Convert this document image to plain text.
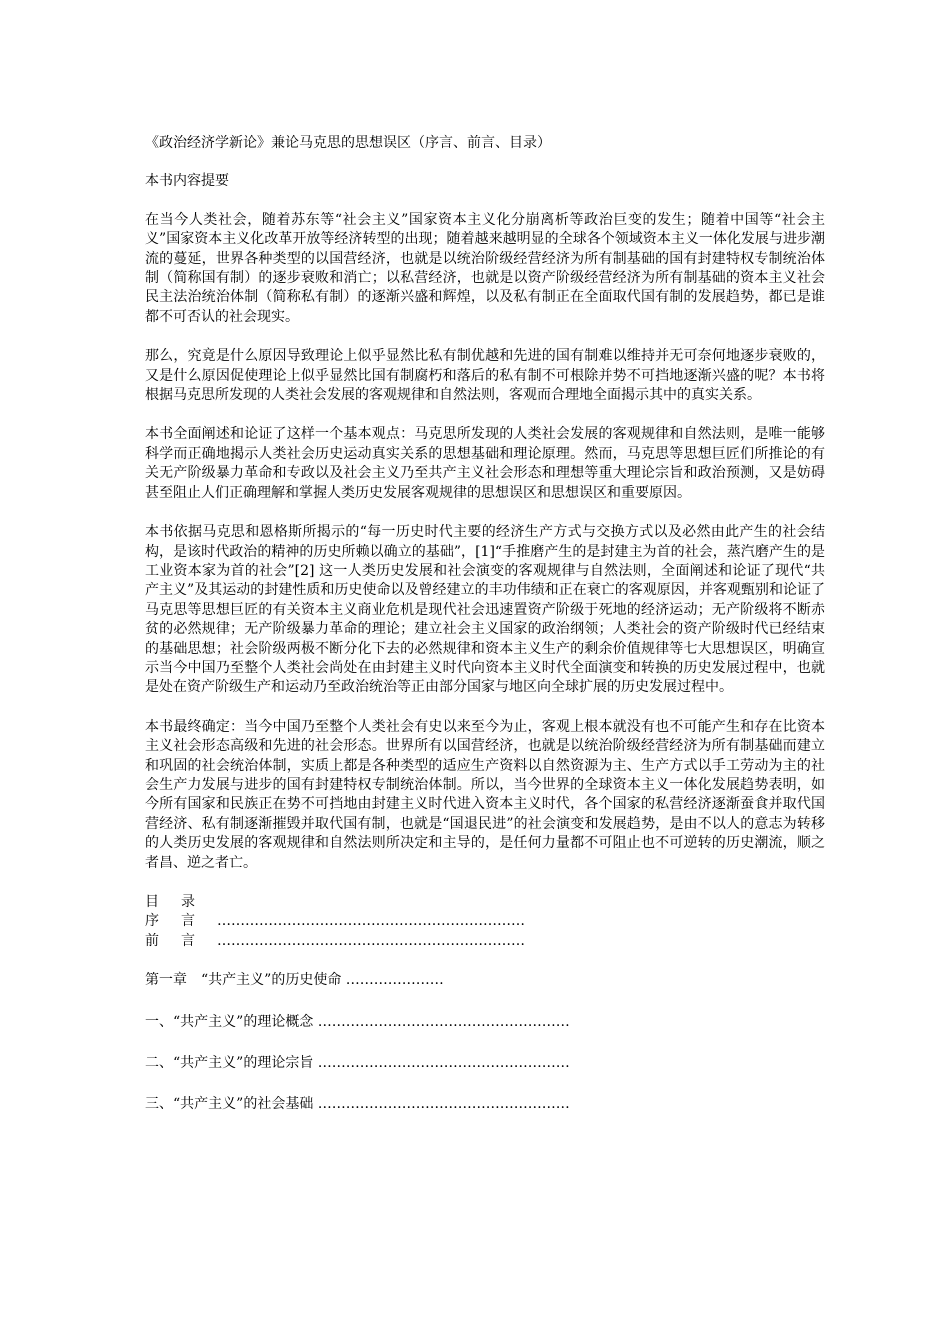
《政治经济学新论》兼论马克思的思想误区（序言、前言、目录）

本书内容提要

在当今人类社会，随着苏东等“社会主义”国家资本主义化分崩离析等政治巨变的发生；随着中国等“社会主义”国家资本主义化改革开放等经济转型的出现；随着越来越明显的全球各个领域资本主义一体化发展与进步潮流的蔓延，世界各种类型的以国营经济，也就是以统治阶级经营经济为所有制基础的国有封建特权专制统治体制（简称国有制）的逐步衰败和消亡；以私营经济，也就是以资产阶级经营经济为所有制基础的资本主义社会民主法治统治体制（简称私有制）的逐渐兴盛和辉煌，以及私有制正在全面取代国有制的发展趋势，都已是谁都不可否认的社会现实。

那么，究竟是什么原因导致理论上似乎显然比私有制优越和先进的国有制难以维持并无可奈何地逐步衰败的，又是什么原因促使理论上似乎显然比国有制腐朽和落后的私有制不可根除并势不可挡地逐渐兴盛的呢？本书将根据马克思所发现的人类社会发展的客观规律和自然法则，客观而合理地全面揭示其中的真实关系。

本书全面阐述和论证了这样一个基本观点：马克思所发现的人类社会发展的客观规律和自然法则，是唯一能够科学而正确地揭示人类社会历史运动真实关系的思想基础和理论原理。然而，马克思等思想巨匠们所推论的有关无产阶级暴力革命和专政以及社会主义乃至共产主义社会形态和理想等重大理论宗旨和政治预测，又是妨碍甚至阻止人们正确理解和掌握人类历史发展客观规律的思想误区和思想误区和重要原因。

本书依据马克思和恩格斯所揭示的“每一历史时代主要的经济生产方式与交换方式以及必然由此产生的社会结构，是该时代政治的精神的历史所赖以确立的基础”，[1]“手推磨产生的是封建主为首的社会，蒸汽磨产生的是工业资本家为首的社会”[2] 这一人类历史发展和社会演变的客观规律与自然法则，全面阐述和论证了现代“共产主义”及其运动的封建性质和历史使命以及曾经建立的丰功伟绩和正在衰亡的客观原因，并客观甄别和论证了马克思等思想巨匠的有关资本主义商业危机是现代社会迅速置资产阶级于死地的经济运动；无产阶级将不断赤贫的必然规律；无产阶级暴力革命的理论；建立社会主义国家的政治纲领；人类社会的资产阶级时代已经结束的基础思想；社会阶级两极不断分化下去的必然规律和资本主义生产的剩余价值规律等七大思想误区，明确宣示当今中国乃至整个人类社会尚处在由封建主义时代向资本主义时代全面演变和转换的历史发展过程中，也就是处在资产阶级生产和运动乃至政治统治等正由部分国家与地区向全球扩展的历史发展过程中。

本书最终确定：当今中国乃至整个人类社会有史以来至今为止，客观上根本就没有也不可能产生和存在比资本主义社会形态高级和先进的社会形态。世界所有以国营经济，也就是以统治阶级经营经济为所有制基础而建立和巩固的社会统治体制，实质上都是各种类型的适应生产资料以自然资源为主、生产方式以手工劳动为主的社会生产力发展与进步的国有封建特权专制统治体制。所以，当今世界的全球资本主义一体化发展趋势表明，如今所有国家和民族正在势不可挡地由封建主义时代进入资本主义时代，各个国家的私营经济逐渐蚕食并取代国营经济、私有制逐渐摧毁并取代国有制，也就是“国退民进”的社会演变和发展趋势，是由不以人的意志为转移的人类历史发展的客观规律和自然法则所决定和主导的，是任何力量都不可阻止也不可逆转的历史潮流，顺之者昌、逆之者亡。

目 录
序 言	…………………………………………………………
前 言	…………………………………………………………
第一章　“共产主义”的历史使命
…………………
一、“共产主义”的理论概念
………………………………………………
二、“共产主义”的理论宗旨
………………………………………………
三、“共产主义”的社会基础
………………………………………………
